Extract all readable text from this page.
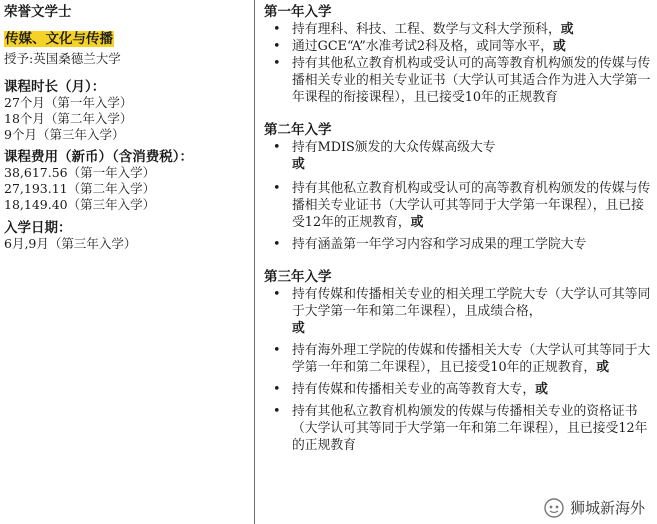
荣誉文学士
传媒、文化与传播
授予:英国桑德兰大学
课程时长（月）：
27个月（第一年入学）
18个月（第二年入学）
9个月（第三年入学）
课程费用（新币）（含消费税）：
38,617.56（第一年入学）
27,193.11（第二年入学）
18,149.40（第三年入学）
入学日期：
6月,9月（第三年入学）
第一年入学
• 持有理科、科技、工程、数学与文科大学预科，或
• 通过GCE“A”水准考试2科及格，或同等水平，或
• 持有其他私立教育机构或受认可的高等教育机构颁发的传媒与传播相关专业的相关专业证书（大学认可其适合作为进入大学第一年课程的衔接课程），且已接受10年的正规教育
第二年入学
• 持有MDIS颁发的大众传媒高级大专
或
• 持有其他私立教育机构或受认可的高等教育机构颁发的传媒与传播相关专业证书（大学认可其等同于大学第一年课程），且已接受12年的正规教育，或
• 持有涵盖第一年学习内容和学习成果的理工学院大专
第三年入学
• 持有传媒和传播相关专业的相关理工学院大专（大学认可其等同于大学第一年和第二年课程），且成绩合格，
或
• 持有海外理工学院的传媒和传播相关大专（大学认可其等同于大学第一年和第二年课程），且已接受10年的正规教育，或
• 持有传媒和传播相关专业的高等教育大专，或
• 持有其他私立教育机构颁发的传媒与传播相关专业的资格证书（大学认可其等同于大学第一年和第二年课程），且已接受12年的正规教育
狮城新海外
